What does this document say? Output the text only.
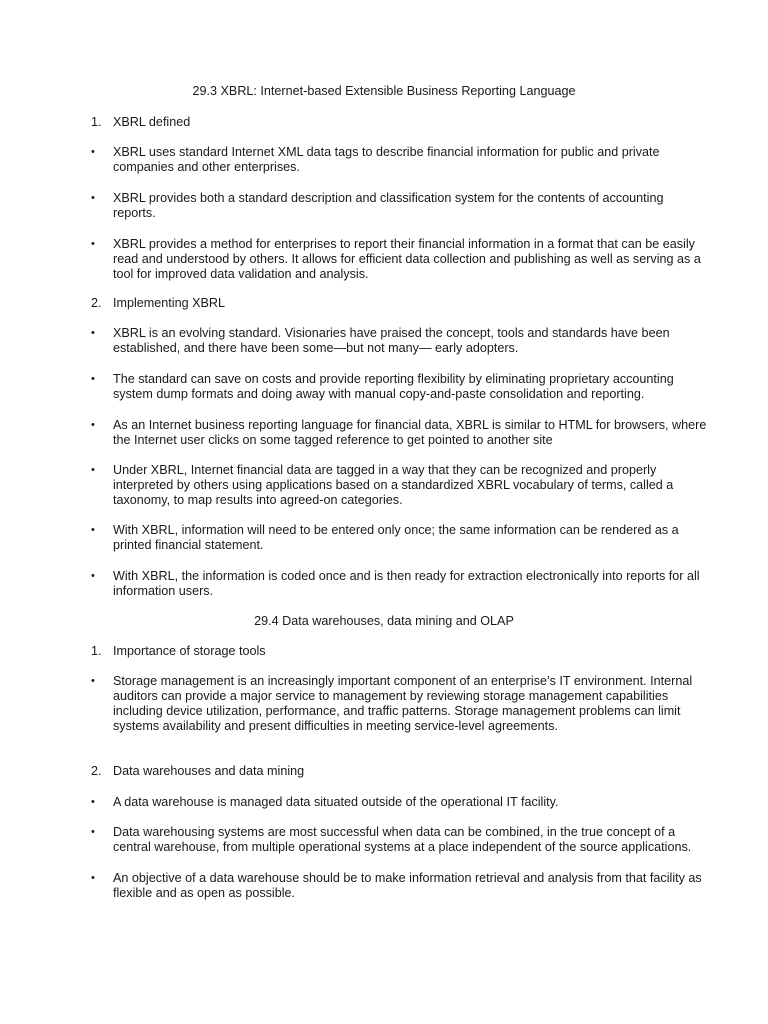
29.3 XBRL: Internet-based Extensible Business Reporting Language
1. XBRL defined
•	XBRL uses standard Internet XML data tags to describe financial information for public and private companies and other enterprises.
•	XBRL provides both a standard description and classification system for the contents of accounting reports.
•	XBRL provides a method for enterprises to report their financial information in a format that can be easily read and understood by others. It allows for efficient data collection and publishing as well as serving as a tool for improved data validation and analysis.
2. Implementing XBRL
•	XBRL is an evolving standard. Visionaries have praised the concept, tools and standards have been established, and there have been some—but not many— early adopters.
•	The standard can save on costs and provide reporting flexibility by eliminating proprietary accounting system dump formats and doing away with manual copy-and-paste consolidation and reporting.
•	As an Internet business reporting language for financial data, XBRL is similar to HTML for browsers, where the Internet user clicks on some tagged reference to get pointed to another site
•	Under XBRL, Internet financial data are tagged in a way that they can be recognized and properly interpreted by others using applications based on a standardized XBRL vocabulary of terms, called a taxonomy, to map results into agreed-on categories.
•	With XBRL, information will need to be entered only once; the same information can be rendered as a printed financial statement.
•	With XBRL, the information is coded once and is then ready for extraction electronically into reports for all information users.
29.4 Data warehouses, data mining and OLAP
1. Importance of storage tools
•	Storage management is an increasingly important component of an enterprise’s IT environment. Internal auditors can provide a major service to management by reviewing storage management capabilities including device utilization, performance, and traffic patterns. Storage management problems can limit systems availability and present difficulties in meeting service-level agreements.
2. Data warehouses and data mining
•	A data warehouse is managed data situated outside of the operational IT facility.
•	Data warehousing systems are most successful when data can be combined, in the true concept of a central warehouse, from multiple operational systems at a place independent of the source applications.
•	An objective of a data warehouse should be to make information retrieval and analysis from that facility as flexible and as open as possible.
